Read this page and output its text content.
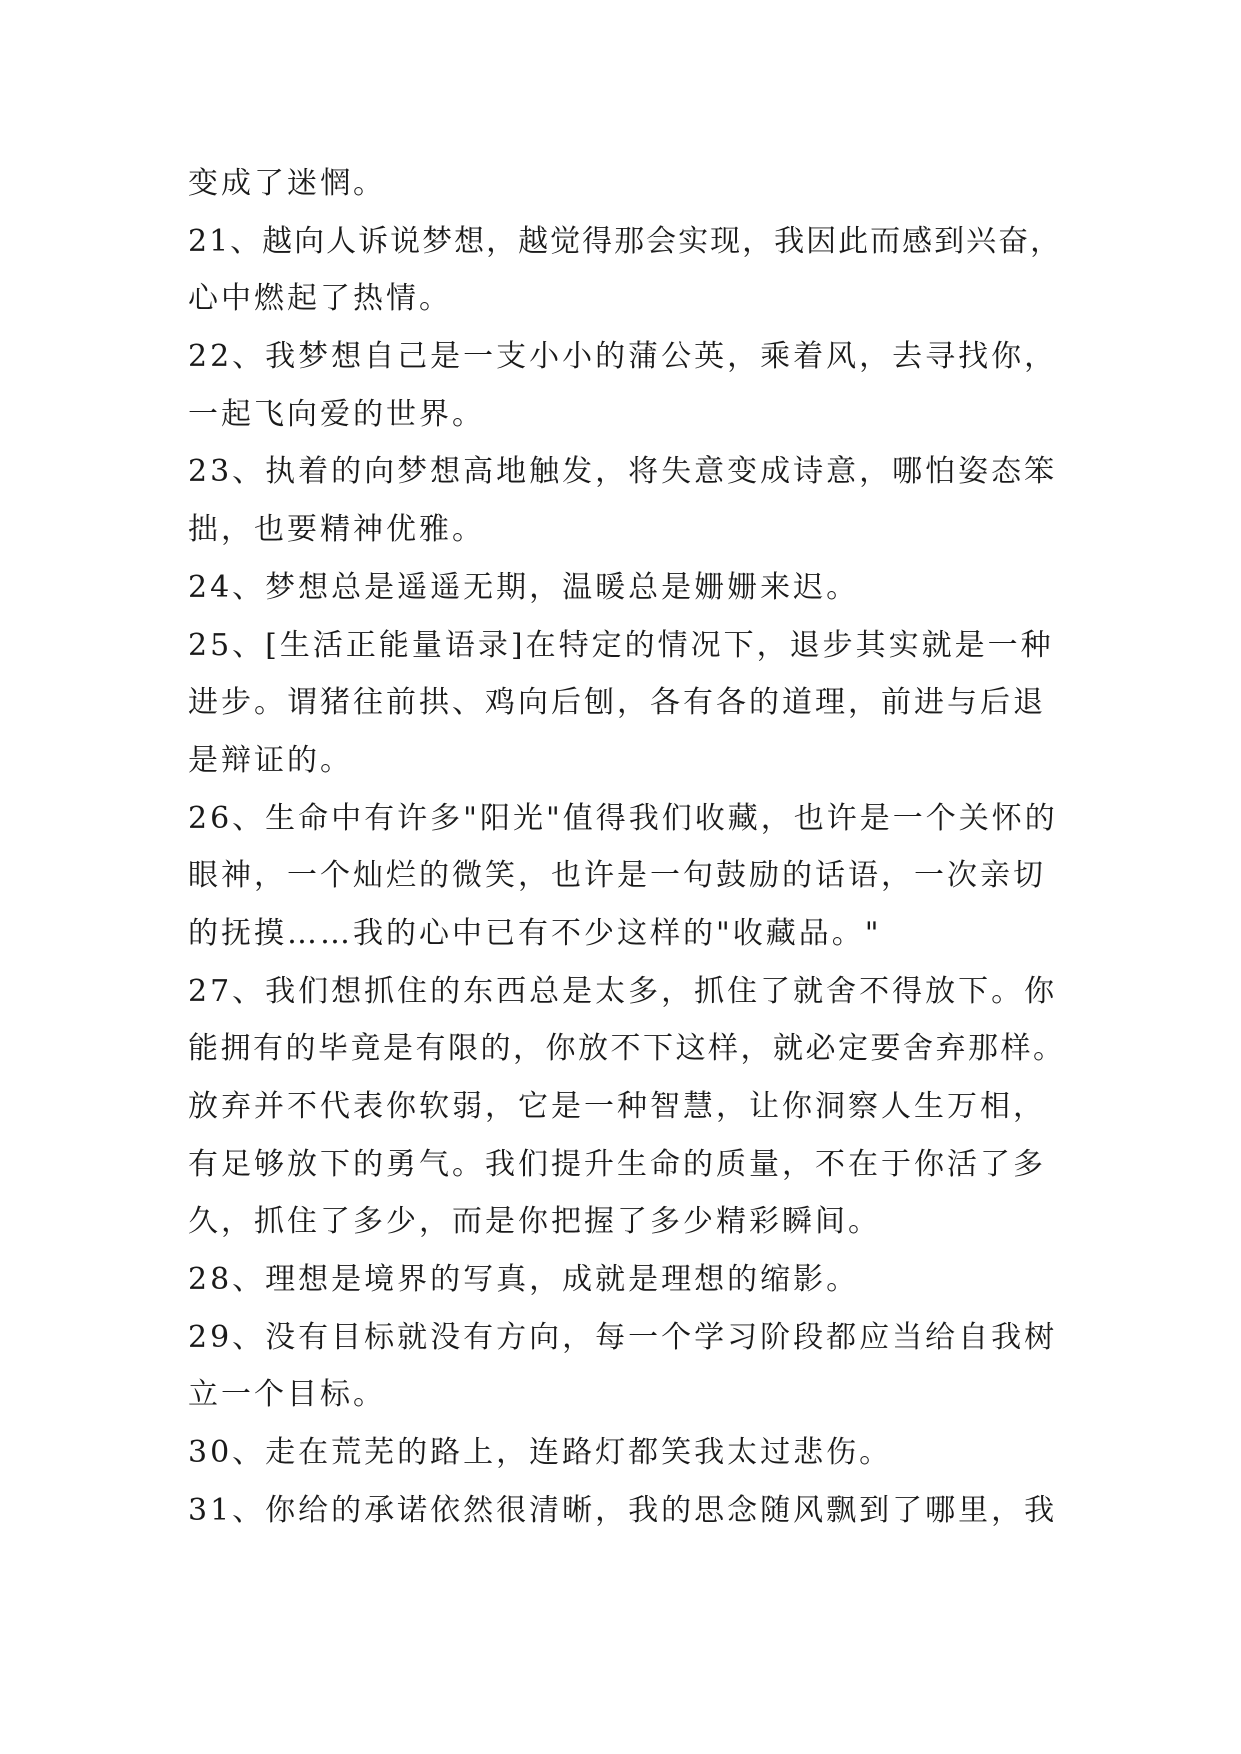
变成了迷惘。
21、越向人诉说梦想，越觉得那会实现，我因此而感到兴奋，
心中燃起了热情。
22、我梦想自己是一支小小的蒲公英，乘着风，去寻找你，
一起飞向爱的世界。
23、执着的向梦想高地触发，将失意变成诗意，哪怕姿态笨
拙，也要精神优雅。
24、梦想总是遥遥无期，温暖总是姗姗来迟。
25、[生活正能量语录]在特定的情况下，退步其实就是一种
进步。谓猪往前拱、鸡向后刨，各有各的道理，前进与后退
是辩证的。
26、生命中有许多"阳光"值得我们收藏，也许是一个关怀的
眼神，一个灿烂的微笑，也许是一句鼓励的话语，一次亲切
的抚摸……我的心中已有不少这样的"收藏品。"
27、我们想抓住的东西总是太多，抓住了就舍不得放下。你
能拥有的毕竟是有限的，你放不下这样，就必定要舍弃那样。
放弃并不代表你软弱，它是一种智慧，让你洞察人生万相，
有足够放下的勇气。我们提升生命的质量，不在于你活了多
久，抓住了多少，而是你把握了多少精彩瞬间。
28、理想是境界的写真，成就是理想的缩影。
29、没有目标就没有方向，每一个学习阶段都应当给自我树
立一个目标。
30、走在荒芜的路上，连路灯都笑我太过悲伤。
31、你给的承诺依然很清晰，我的思念随风飘到了哪里，我
